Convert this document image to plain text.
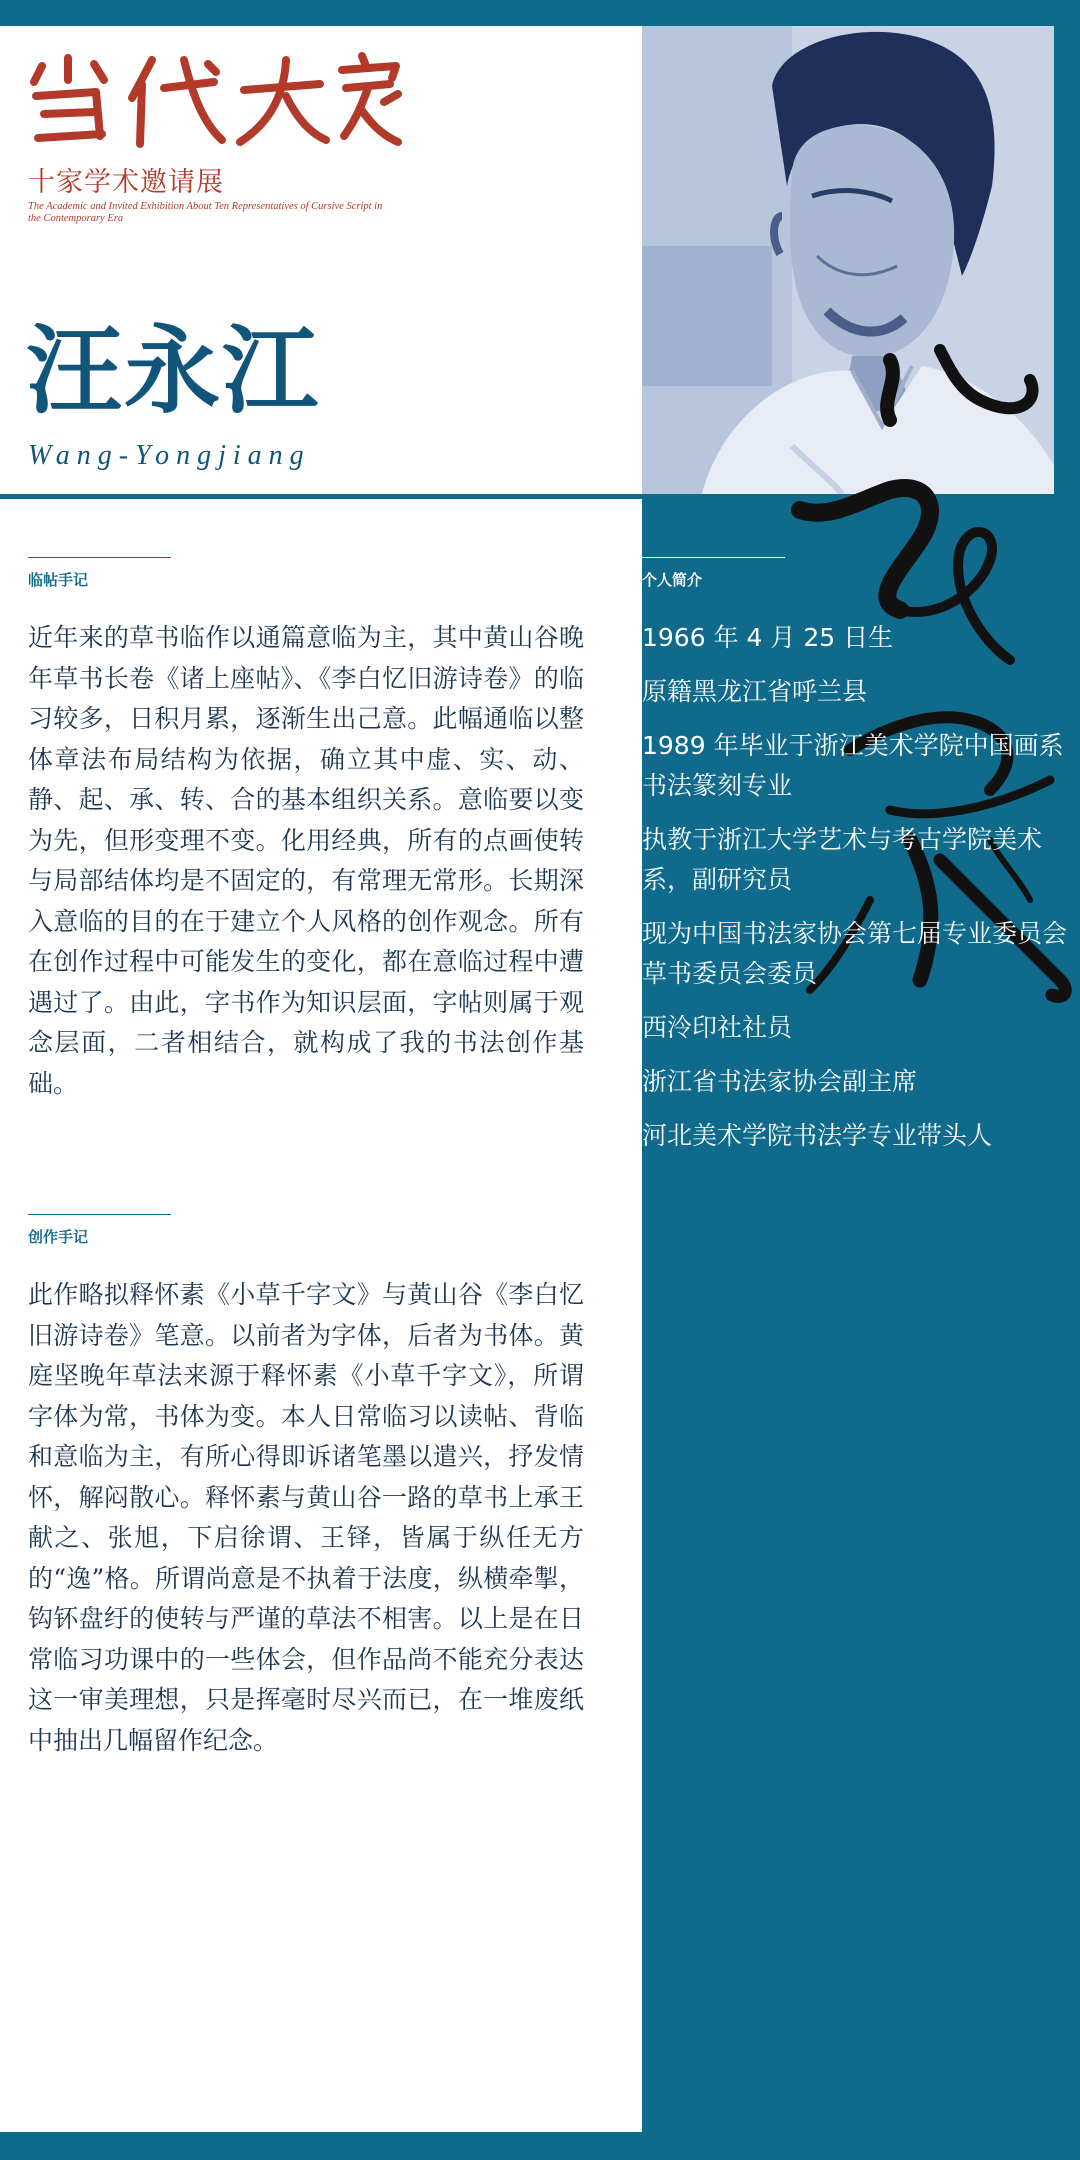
十家学术邀请展
The Academic and Invited Exhibition About Ten Representatives of Cursive Script in the Contemporary Era
汪永江
Wang-Yongjiang
临帖手记

近年来的草书临作以通篇意临为主，其中黄山谷晚年草书长卷《诸上座帖》、《李白忆旧游诗卷》的临习较多，日积月累，逐渐生出己意。此幅通临以整体章法布局结构为依据，确立其中虚、实、动、静、起、承、转、合的基本组织关系。意临要以变为先，但形变理不变。化用经典，所有的点画使转与局部结体均是不固定的，有常理无常形。长期深入意临的目的在于建立个人风格的创作观念。所有在创作过程中可能发生的变化，都在意临过程中遭遇过了。由此，字书作为知识层面，字帖则属于观念层面，二者相结合，就构成了我的书法创作基础。

创作手记

此作略拟释怀素《小草千字文》与黄山谷《李白忆旧游诗卷》笔意。以前者为字体，后者为书体。黄庭坚晚年草法来源于释怀素《小草千字文》，所谓字体为常，书体为变。本人日常临习以读帖、背临和意临为主，有所心得即诉诸笔墨以遣兴，抒发情怀，解闷散心。释怀素与黄山谷一路的草书上承王献之、张旭，下启徐谓、王铎，皆属于纵任无方的“逸”格。所谓尚意是不执着于法度，纵横牵掣，钩钚盘纡的使转与严谨的草法不相害。以上是在日常临习功课中的一些体会，但作品尚不能充分表达这一审美理想，只是挥毫时尽兴而已，在一堆废纸中抽出几幅留作纪念。

个人简介
1966 年 4 月 25 日生
原籍黑龙江省呼兰县
1989 年毕业于浙江美术学院中国画系书法篆刻专业
执教于浙江大学艺术与考古学院美术系，副研究员
现为中国书法家协会第七届专业委员会草书委员会委员
西泠印社社员
浙江省书法家协会副主席
河北美术学院书法学专业带头人
